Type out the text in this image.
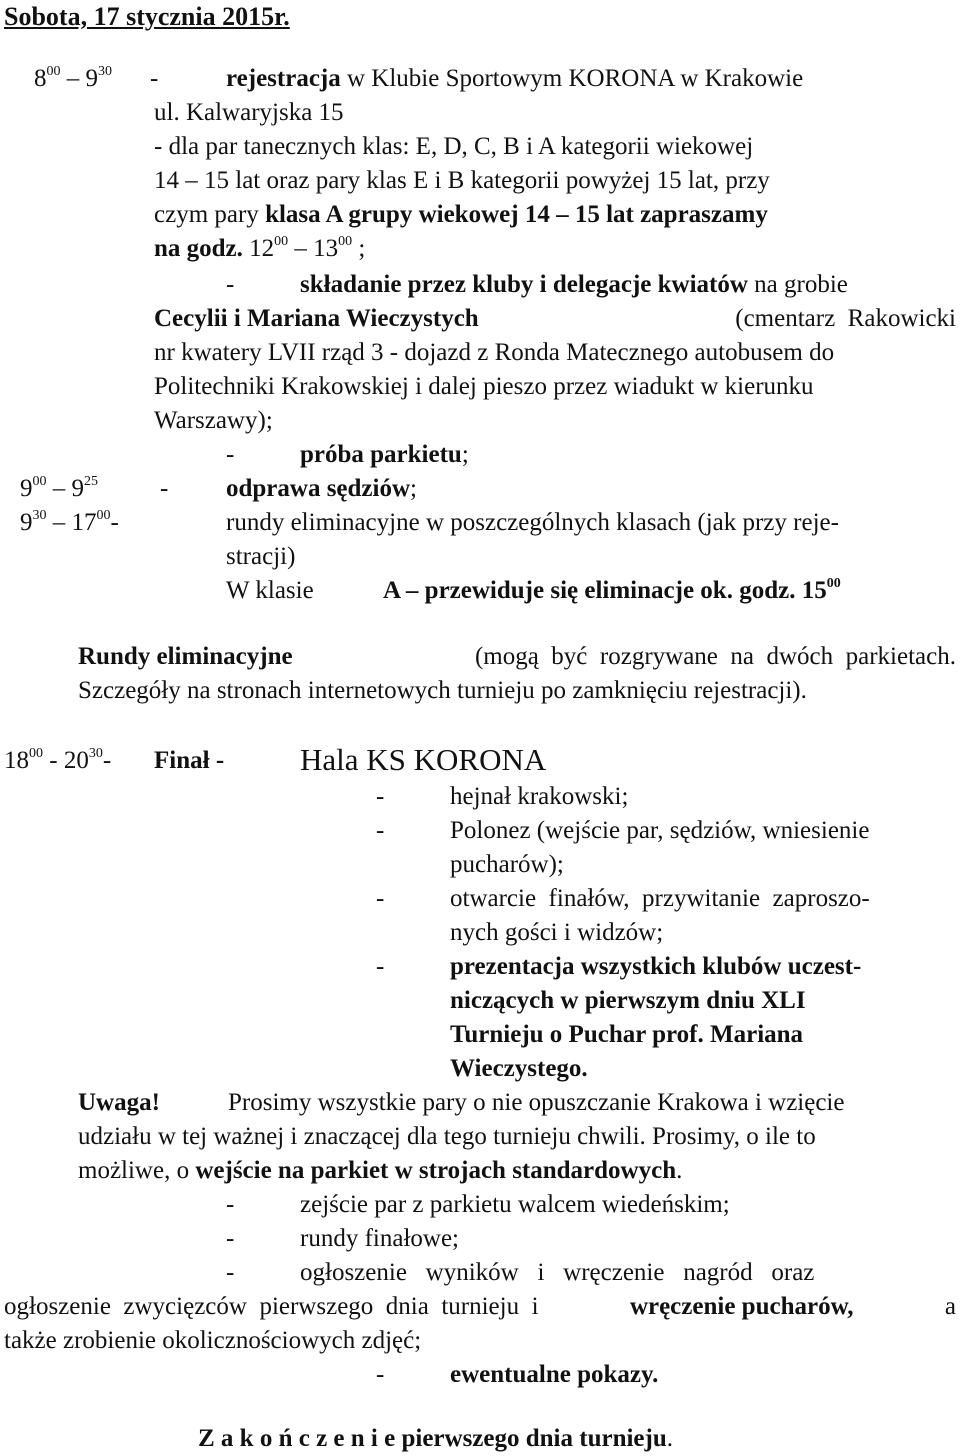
Sobota, 17 stycznia 2015r.
$8^{00} - 9^{30}$ -	rejestracja w Klubie Sportowym KORONA w Krakowie
ul. Kalwaryjska 15
- dla par tanecznych klas: E, D, C, B i A kategorii wiekowej
14 – 15 lat oraz pary klas E i B kategorii powyżej 15 lat, przy
czym pary klasa A grupy wiekowej 14 – 15 lat zapraszamy
na godz. $12^{00} - 13^{00}$ ;
-	składanie przez kluby i delegacje kwiatów na grobie
Cecylii i Mariana Wieczystych	(cmentarz  Rakowicki
nr kwatery LVII rząd 3 - dojazd z Ronda Matecznego autobusem do
Politechniki Krakowskiej i dalej pieszo przez wiadukt w kierunku
Warszawy);
-	próba parkietu;
$9^{00} - 9^{25}$ - odprawa sędziów;
$9^{30} - 17^{00}-$	rundy eliminacyjne w poszczególnych klasach (jak przy reje-
stracji)
W klasie	A – przewiduje się eliminacje ok. godz. $15^{00}$
Rundy eliminacyjne	(mogą  być  rozgrywane  na  dwóch  parkietach.
Szczegóły na stronach internetowych turnieju po zamknięciu rejestracji).
$18^{00} - 20^{30}-$ Finał - Hala KS KORONA
-	hejnał krakowski;
-	Polonez (wejście par, sędziów, wniesienie
pucharów);
-	otwarcie  finałów,  przywitanie  zaproszo-
nych gości i widzów;
-	prezentacja wszystkich klubów uczest-
niczących w pierwszym dniu XLI
Turnieju o Puchar prof. Mariana
Wieczystego.
Uwaga!	Prosimy wszystkie pary o nie opuszczanie Krakowa i wzięcie
udziału w tej ważnej i znaczącej dla tego turnieju chwili. Prosimy, o ile to
możliwe, o wejście na parkiet w strojach standardowych.
-	zejście par z parkietu walcem wiedeńskim;
-	rundy finałowe;
-	ogłoszenie   wyników   i   wręczenie   nagród   oraz
ogłoszenie  zwycięzców  pierwszego  dnia  turnieju  i	wręczenie pucharów,	a
także zrobienie okolicznościowych zdjęć;
-	ewentualne pokazy.
Z a k o ń c z e n i e pierwszego dnia turnieju.
